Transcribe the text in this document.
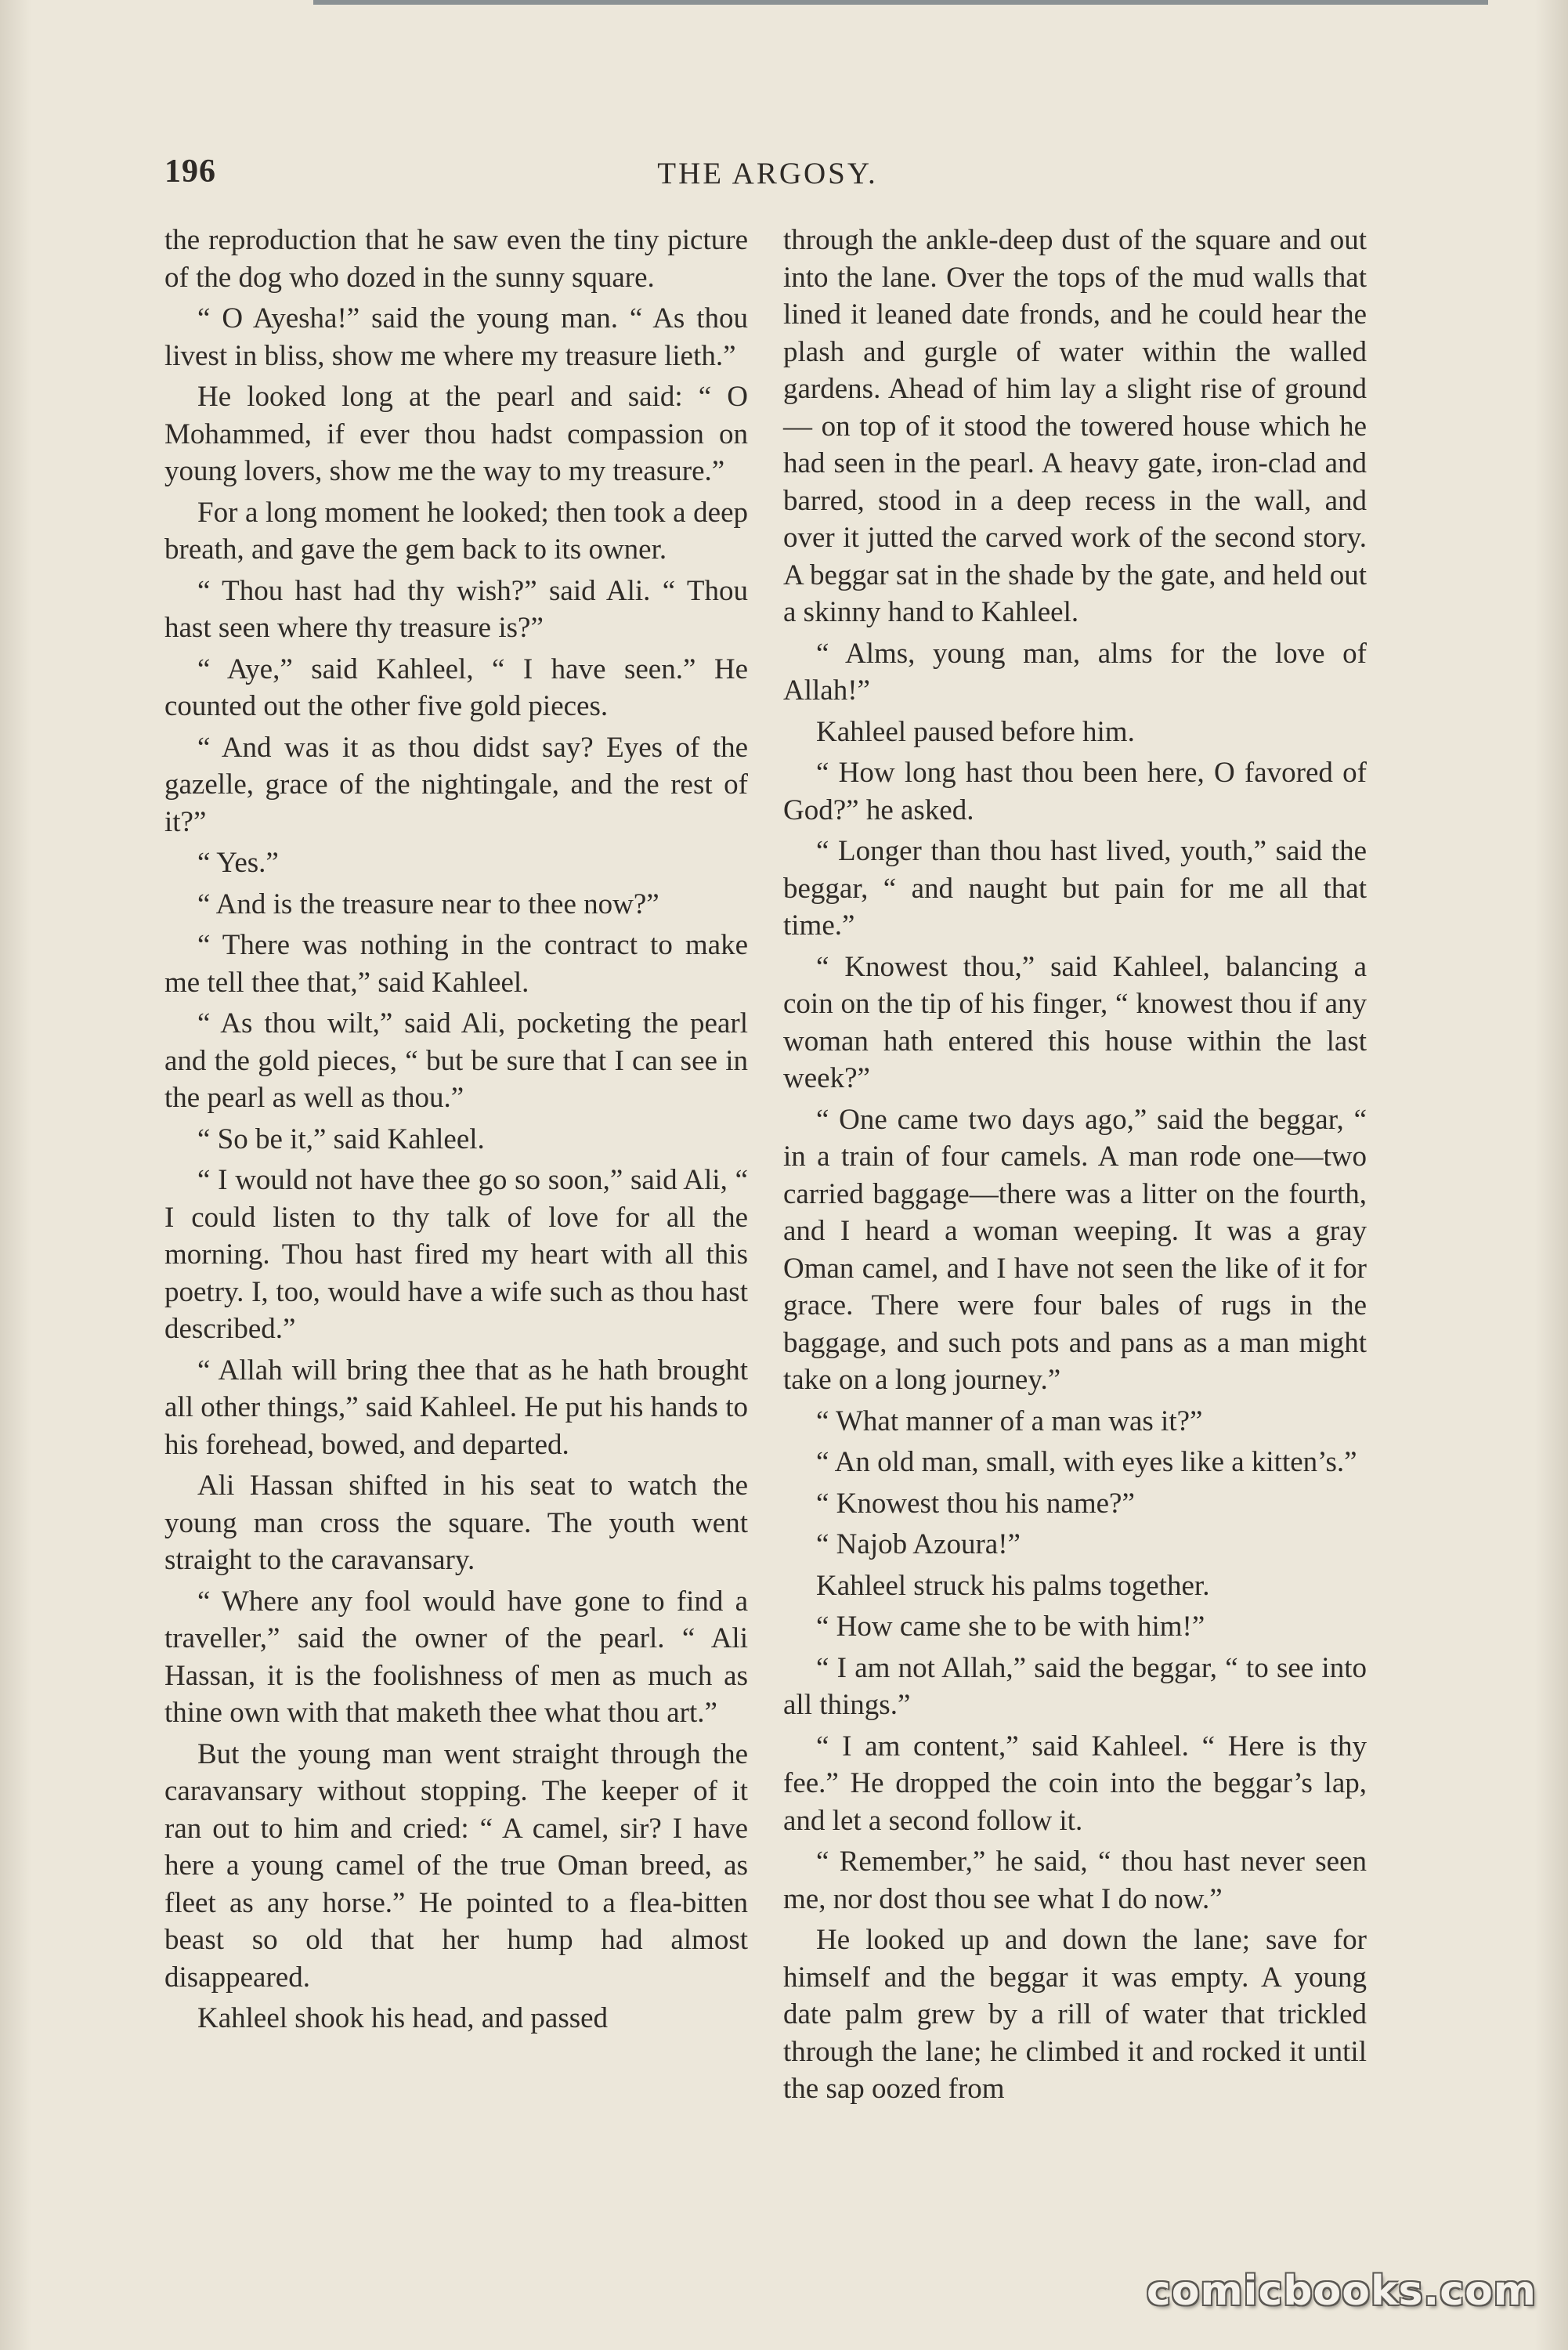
196	THE ARGOSY.

the reproduction that he saw even the tiny picture of the dog who dozed in the sunny square.

“ O Ayesha!” said the young man. “ As thou livest in bliss, show me where my treasure lieth.”

He looked long at the pearl and said: “ O Mohammed, if ever thou hadst compassion on young lovers, show me the way to my treasure.”

For a long moment he looked; then took a deep breath, and gave the gem back to its owner.

“ Thou hast had thy wish?” said Ali. “ Thou hast seen where thy treasure is?”

“ Aye,” said Kahleel, “ I have seen.” He counted out the other five gold pieces.

“ And was it as thou didst say? Eyes of the gazelle, grace of the nightingale, and the rest of it?”

“ Yes.”

“ And is the treasure near to thee now?”

“ There was nothing in the contract to make me tell thee that,” said Kahleel.

“ As thou wilt,” said Ali, pocketing the pearl and the gold pieces, “ but be sure that I can see in the pearl as well as thou.”

“ So be it,” said Kahleel.

“ I would not have thee go so soon,” said Ali, “ I could listen to thy talk of love for all the morning. Thou hast fired my heart with all this poetry. I, too, would have a wife such as thou hast described.”

“ Allah will bring thee that as he hath brought all other things,” said Kahleel. He put his hands to his forehead, bowed, and departed.

Ali Hassan shifted in his seat to watch the young man cross the square. The youth went straight to the caravansary.

“ Where any fool would have gone to find a traveller,” said the owner of the pearl. “ Ali Hassan, it is the foolishness of men as much as thine own with that maketh thee what thou art.”

But the young man went straight through the caravansary without stopping. The keeper of it ran out to him and cried: “ A camel, sir? I have here a young camel of the true Oman breed, as fleet as any horse.” He pointed to a flea-bitten beast so old that her hump had almost disappeared.

Kahleel shook his head, and passed

through the ankle-deep dust of the square and out into the lane. Over the tops of the mud walls that lined it leaned date fronds, and he could hear the plash and gurgle of water within the walled gardens. Ahead of him lay a slight rise of ground— on top of it stood the towered house which he had seen in the pearl. A heavy gate, iron-clad and barred, stood in a deep recess in the wall, and over it jutted the carved work of the second story. A beggar sat in the shade by the gate, and held out a skinny hand to Kahleel.

“ Alms, young man, alms for the love of Allah!”

Kahleel paused before him.

“ How long hast thou been here, O favored of God?” he asked.

“ Longer than thou hast lived, youth,” said the beggar, “ and naught but pain for me all that time.”

“ Knowest thou,” said Kahleel, balancing a coin on the tip of his finger, “ knowest thou if any woman hath entered this house within the last week?”

“ One came two days ago,” said the beggar, “ in a train of four camels. A man rode one—two carried baggage—there was a litter on the fourth, and I heard a woman weeping. It was a gray Oman camel, and I have not seen the like of it for grace. There were four bales of rugs in the baggage, and such pots and pans as a man might take on a long journey.”

“ What manner of a man was it?”

“ An old man, small, with eyes like a kitten’s.”

“ Knowest thou his name?”

“ Najob Azoura!”

Kahleel struck his palms together.

“ How came she to be with him!”

“ I am not Allah,” said the beggar, “ to see into all things.”

“ I am content,” said Kahleel. “ Here is thy fee.” He dropped the coin into the beggar’s lap, and let a second follow it.

“ Remember,” he said, “ thou hast never seen me, nor dost thou see what I do now.”

He looked up and down the lane; save for himself and the beggar it was empty. A young date palm grew by a rill of water that trickled through the lane; he climbed it and rocked it until the sap oozed from

comicbooks.com
